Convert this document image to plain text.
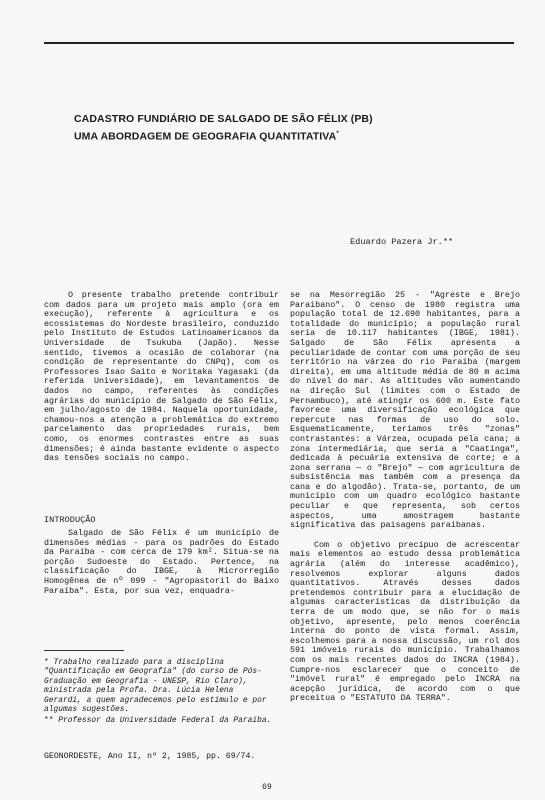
CADASTRO FUNDIÁRIO DE SALGADO DE SÃO FÉLIX (PB)
UMA ABORDAGEM DE GEOGRAFIA QUANTITATIVA*
Eduardo Pazera Jr.**

O presente trabalho pretende contribuir com dados para um projeto mais amplo (ora em execução), referente à agricultura e os ecossistemas do Nordeste brasileiro, conduzido pelo Instituto de Estudos Latinoamericanos da Universidade de Tsukuba (Japão). Nesse sentido, tivemos a ocasião de colaborar (na condição de representante do CNPq), com os Professores Isao Saito e Noritaka Yagasaki (da referida Universidade), em levantamentos de dados no campo, referentes às condições agrárias do município de Salgado de São Félix, em julho/agosto de 1984. Naquela oportunidade, chamou-nos a atenção a problemática do extremo parcelamento das propriedades rurais, bem como, os enormes contrastes entre as suas dimensões; é ainda bastante evidente o aspecto das tensões sociais no campo.

INTRODUÇÃO

Salgado de São Félix é um município de dimensões médias - para os padrões do Estado da Paraíba - com cerca de 179 km². Situa-se na porção Sudoeste do Estado. Pertence, na classificação do IBGE, à Microrregião Homogênea de nº 099 - "Agropastoril do Baixo Paraíba". Esta, por sua vez, enquadra-

se na Mesorregião 25 - "Agreste e Brejo Paraibano". O censo de 1980 registra uma população total de 12.690 habitantes, para a totalidade do município; a população rural seria de 10.117 habitantes (IBGE, 1981). Salgado de São Félix apresenta a peculiaridade de contar com uma porção de seu território na várzea do rio Paraíba (margem direita), em uma altitude média de 80 m acima do nível do mar. As altitudes vão aumentando na direção Sul (limites com o Estado de Pernambuco), até atingir os 600 m. Este fato favorece uma diversificação ecológica que repercute nas formas de uso do solo. Esquematicamente, teríamos três "zonas" contrastantes: a Várzea, ocupada pela cana; a zona intermediária, que seria a "Caatinga", dedicada à pecuária extensiva de corte; e a zona serrana — o "Brejo" — com agricultura de subsistência mas também com a presença da cana e do algodão). Trata-se, portanto, de um município com um quadro ecológico bastante peculiar e que representa, sob certos aspectos, uma amostragem bastante significativa das paisagens paraibanas.

Com o objetivo precípuo de acrescentar mais elementos ao estudo dessa problemática agrária (além do interesse acadêmico), resolvemos explorar alguns dados quantitativos. Através desses dados pretendemos contribuir para a elucidação de algumas características da distribuição da terra de um modo que, se não for o mais objetivo, apresente, pelo menos coerência interna do ponto de vista formal. Assim, escolhemos para a nossa discussão, um rol dos 591 imóveis rurais do município. Trabalhamos com os mais recentes dados do INCRA (1984). Cumpre-nos esclarecer que o conceito de "imóvel rural" é empregado pelo INCRA na acepção jurídica, de acordo com o que preceitua o "ESTATUTO DA TERRA".

* Trabalho realizado para a disciplina "Quantificação em Geografia" (do curso de Pós-Graduação em Geografia - UNESP, Rio Claro), ministrada pela Profa. Dra. Lúcia Helena Gerardi, a quem agradecemos pelo estímulo e por algumas sugestões.
** Professor da Universidade Federal da Paraíba.
GEONORDESTE, Ano II, nº 2, 1985, pp. 69/74.
69
